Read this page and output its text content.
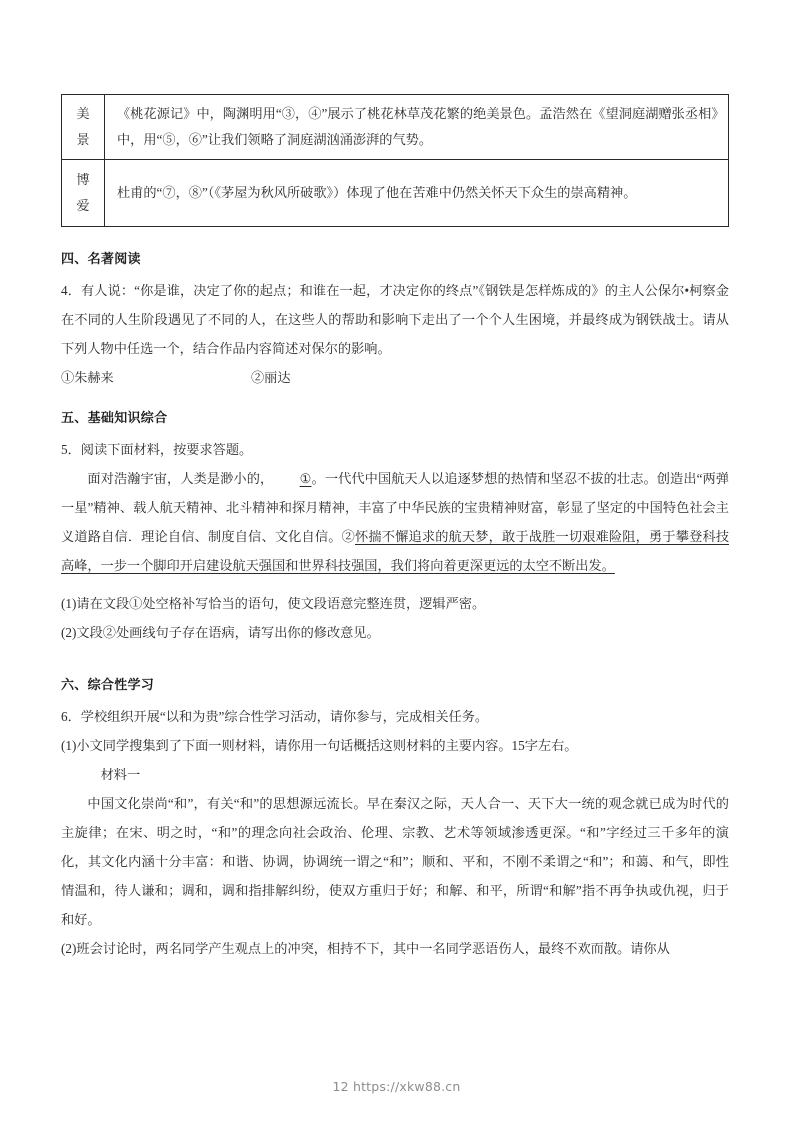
美景	《桃花源记》中，陶渊明用“③，④”展示了桃花林草茂花繁的绝美景色。孟浩然在《望洞庭湖赠张丞相》中，用“⑤，⑥”让我们领略了洞庭湖汹涌澎湃的气势。

博爱	杜甫的“⑦，⑧”（《茅屋为秋风所破歌》）体现了他在苦难中仍然关怀天下众生的崇高精神。
四、名著阅读

4．有人说：“你是谁，决定了你的起点；和谁在一起，才决定你的终点”《钢铁是怎样炼成的》的主人公保尔•柯察金在不同的人生阶段遇见了不同的人，在这些人的帮助和影响下走出了一个个人生困境，并最终成为钢铁战士。请从下列人物中任选一个，结合作品内容简述对保尔的影响。

①朱赫来	②丽达

五、基础知识综合

5．阅读下面材料，按要求答题。

面对浩瀚宇宙，人类是渺小的， ①。一代代中国航天人以追逐梦想的热情和坚忍不拔的壮志。创造出“两弹一星”精神、载人航天精神、北斗精神和探月精神，丰富了中华民族的宝贵精神财富，彰显了坚定的中国特色社会主义道路自信．理论自信、制度自信、文化自信。②怀揣不懈追求的航天梦，敢于战胜一切艰难险阻，勇于攀登科技高峰，一步一个脚印开启建设航天强国和世界科技强国，我们将向着更深更远的太空不断出发。

(1)请在文段①处空格补写恰当的语句，使文段语意完整连贯，逻辑严密。

(2)文段②处画线句子存在语病，请写出你的修改意见。

六、综合性学习

6．学校组织开展“以和为贵”综合性学习活动，请你参与，完成相关任务。

(1)小文同学搜集到了下面一则材料，请你用一句话概括这则材料的主要内容。15字左右。

材料一

中国文化崇尚“和”，有关“和”的思想源远流长。早在秦汉之际，天人合一、天下大一统的观念就已成为时代的主旋律；在宋、明之时，“和”的理念向社会政治、伦理、宗教、艺术等领域渗透更深。“和”字经过三千多年的演化，其文化内涵十分丰富：和谐、协调，协调统一谓之“和”；顺和、平和，不刚不柔谓之“和”；和蔼、和气，即性情温和，待人谦和；调和，调和指排解纠纷，使双方重归于好；和解、和平，所谓“和解”指不再争执或仇视，归于和好。

(2)班会讨论时，两名同学产生观点上的冲突，相持不下，其中一名同学恶语伤人，最终不欢而散。请你从

12 https://xkw88.cn
